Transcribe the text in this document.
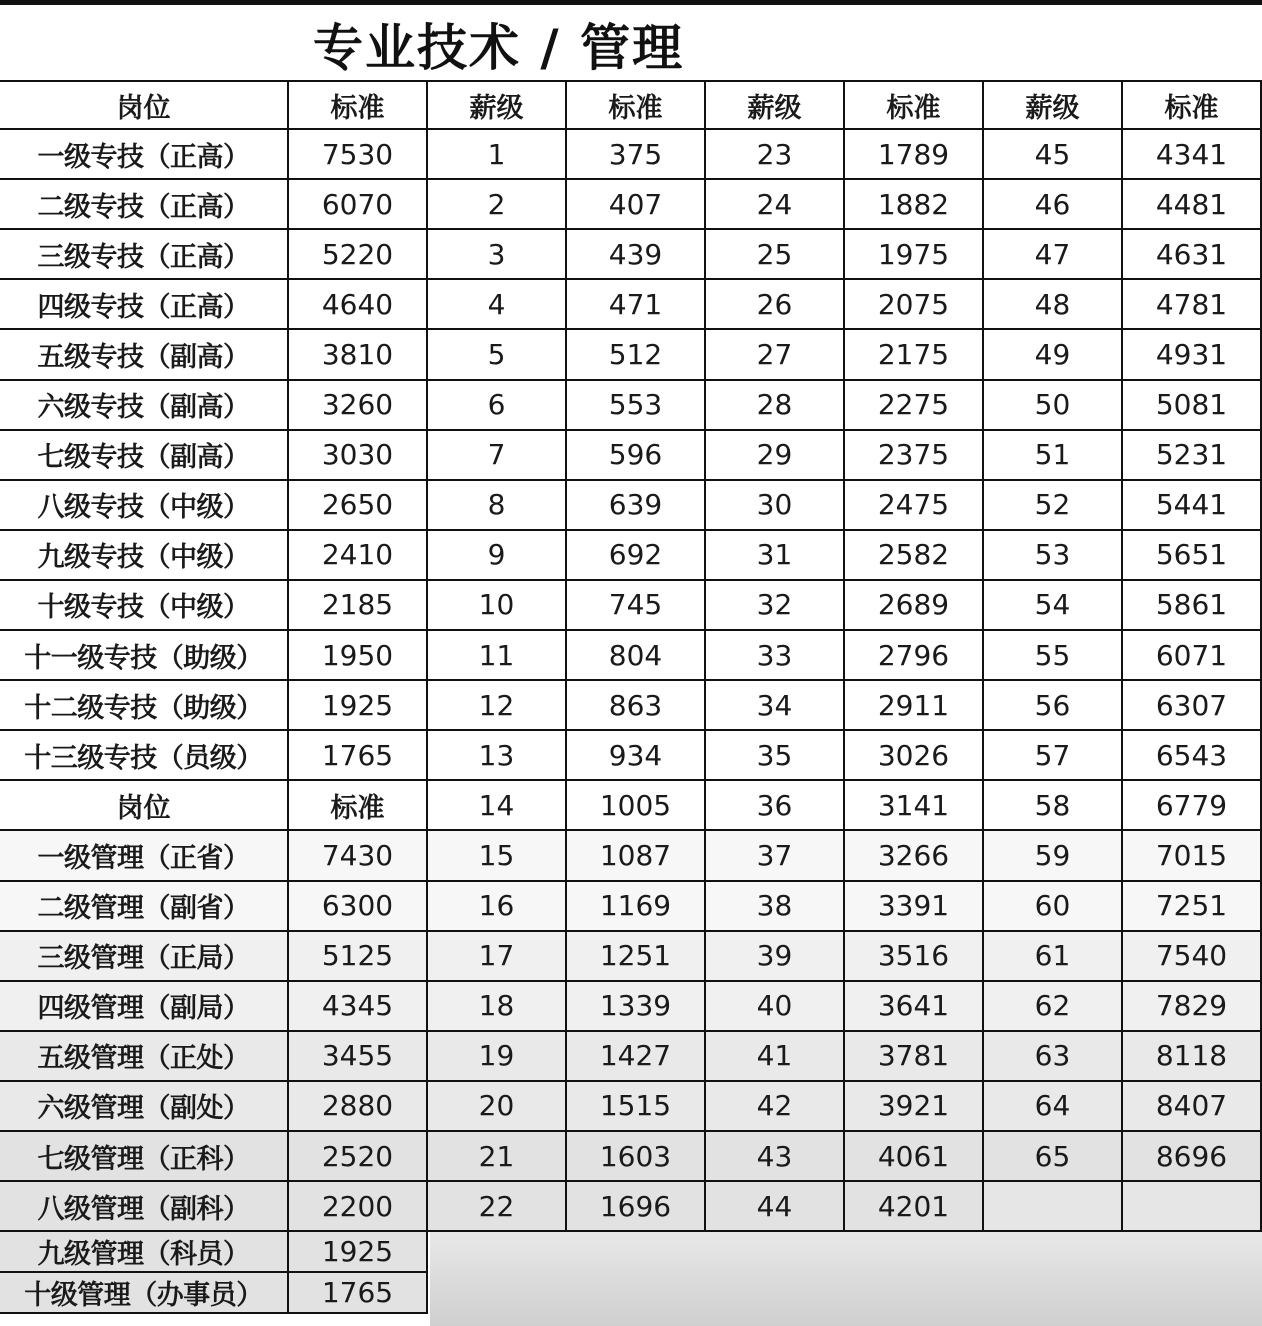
专业技术 / 管理
岗位	标准	薪级	标准	薪级	标准	薪级	标准
一级专技（正高）	7530	1	375	23	1789	45	4341
二级专技（正高）	6070	2	407	24	1882	46	4481
三级专技（正高）	5220	3	439	25	1975	47	4631
四级专技（正高）	4640	4	471	26	2075	48	4781
五级专技（副高）	3810	5	512	27	2175	49	4931
六级专技（副高）	3260	6	553	28	2275	50	5081
七级专技（副高）	3030	7	596	29	2375	51	5231
八级专技（中级）	2650	8	639	30	2475	52	5441
九级专技（中级）	2410	9	692	31	2582	53	5651
十级专技（中级）	2185	10	745	32	2689	54	5861
十一级专技（助级）	1950	11	804	33	2796	55	6071
十二级专技（助级）	1925	12	863	34	2911	56	6307
十三级专技（员级）	1765	13	934	35	3026	57	6543
岗位	标准	14	1005	36	3141	58	6779
一级管理（正省）	7430	15	1087	37	3266	59	7015
二级管理（副省）	6300	16	1169	38	3391	60	7251
三级管理（正局）	5125	17	1251	39	3516	61	7540
四级管理（副局）	4345	18	1339	40	3641	62	7829
五级管理（正处）	3455	19	1427	41	3781	63	8118
六级管理（副处）	2880	20	1515	42	3921	64	8407
七级管理（正科）	2520	21	1603	43	4061	65	8696
八级管理（副科）	2200	22	1696	44	4201
九级管理（科员）	1925
十级管理（办事员）	1765
